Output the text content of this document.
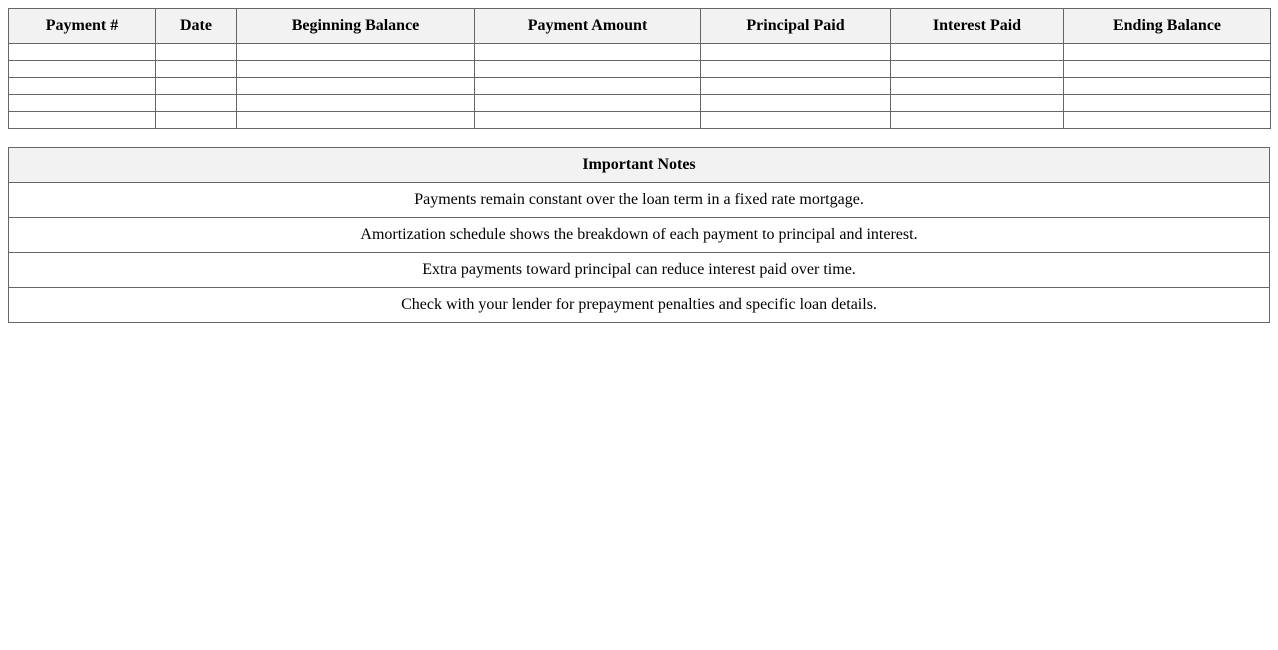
Payment #	Date	Beginning Balance	Payment Amount	Principal Paid	Interest Paid	Ending Balance

Important Notes
Payments remain constant over the loan term in a fixed rate mortgage.
Amortization schedule shows the breakdown of each payment to principal and interest.
Extra payments toward principal can reduce interest paid over time.
Check with your lender for prepayment penalties and specific loan details.
